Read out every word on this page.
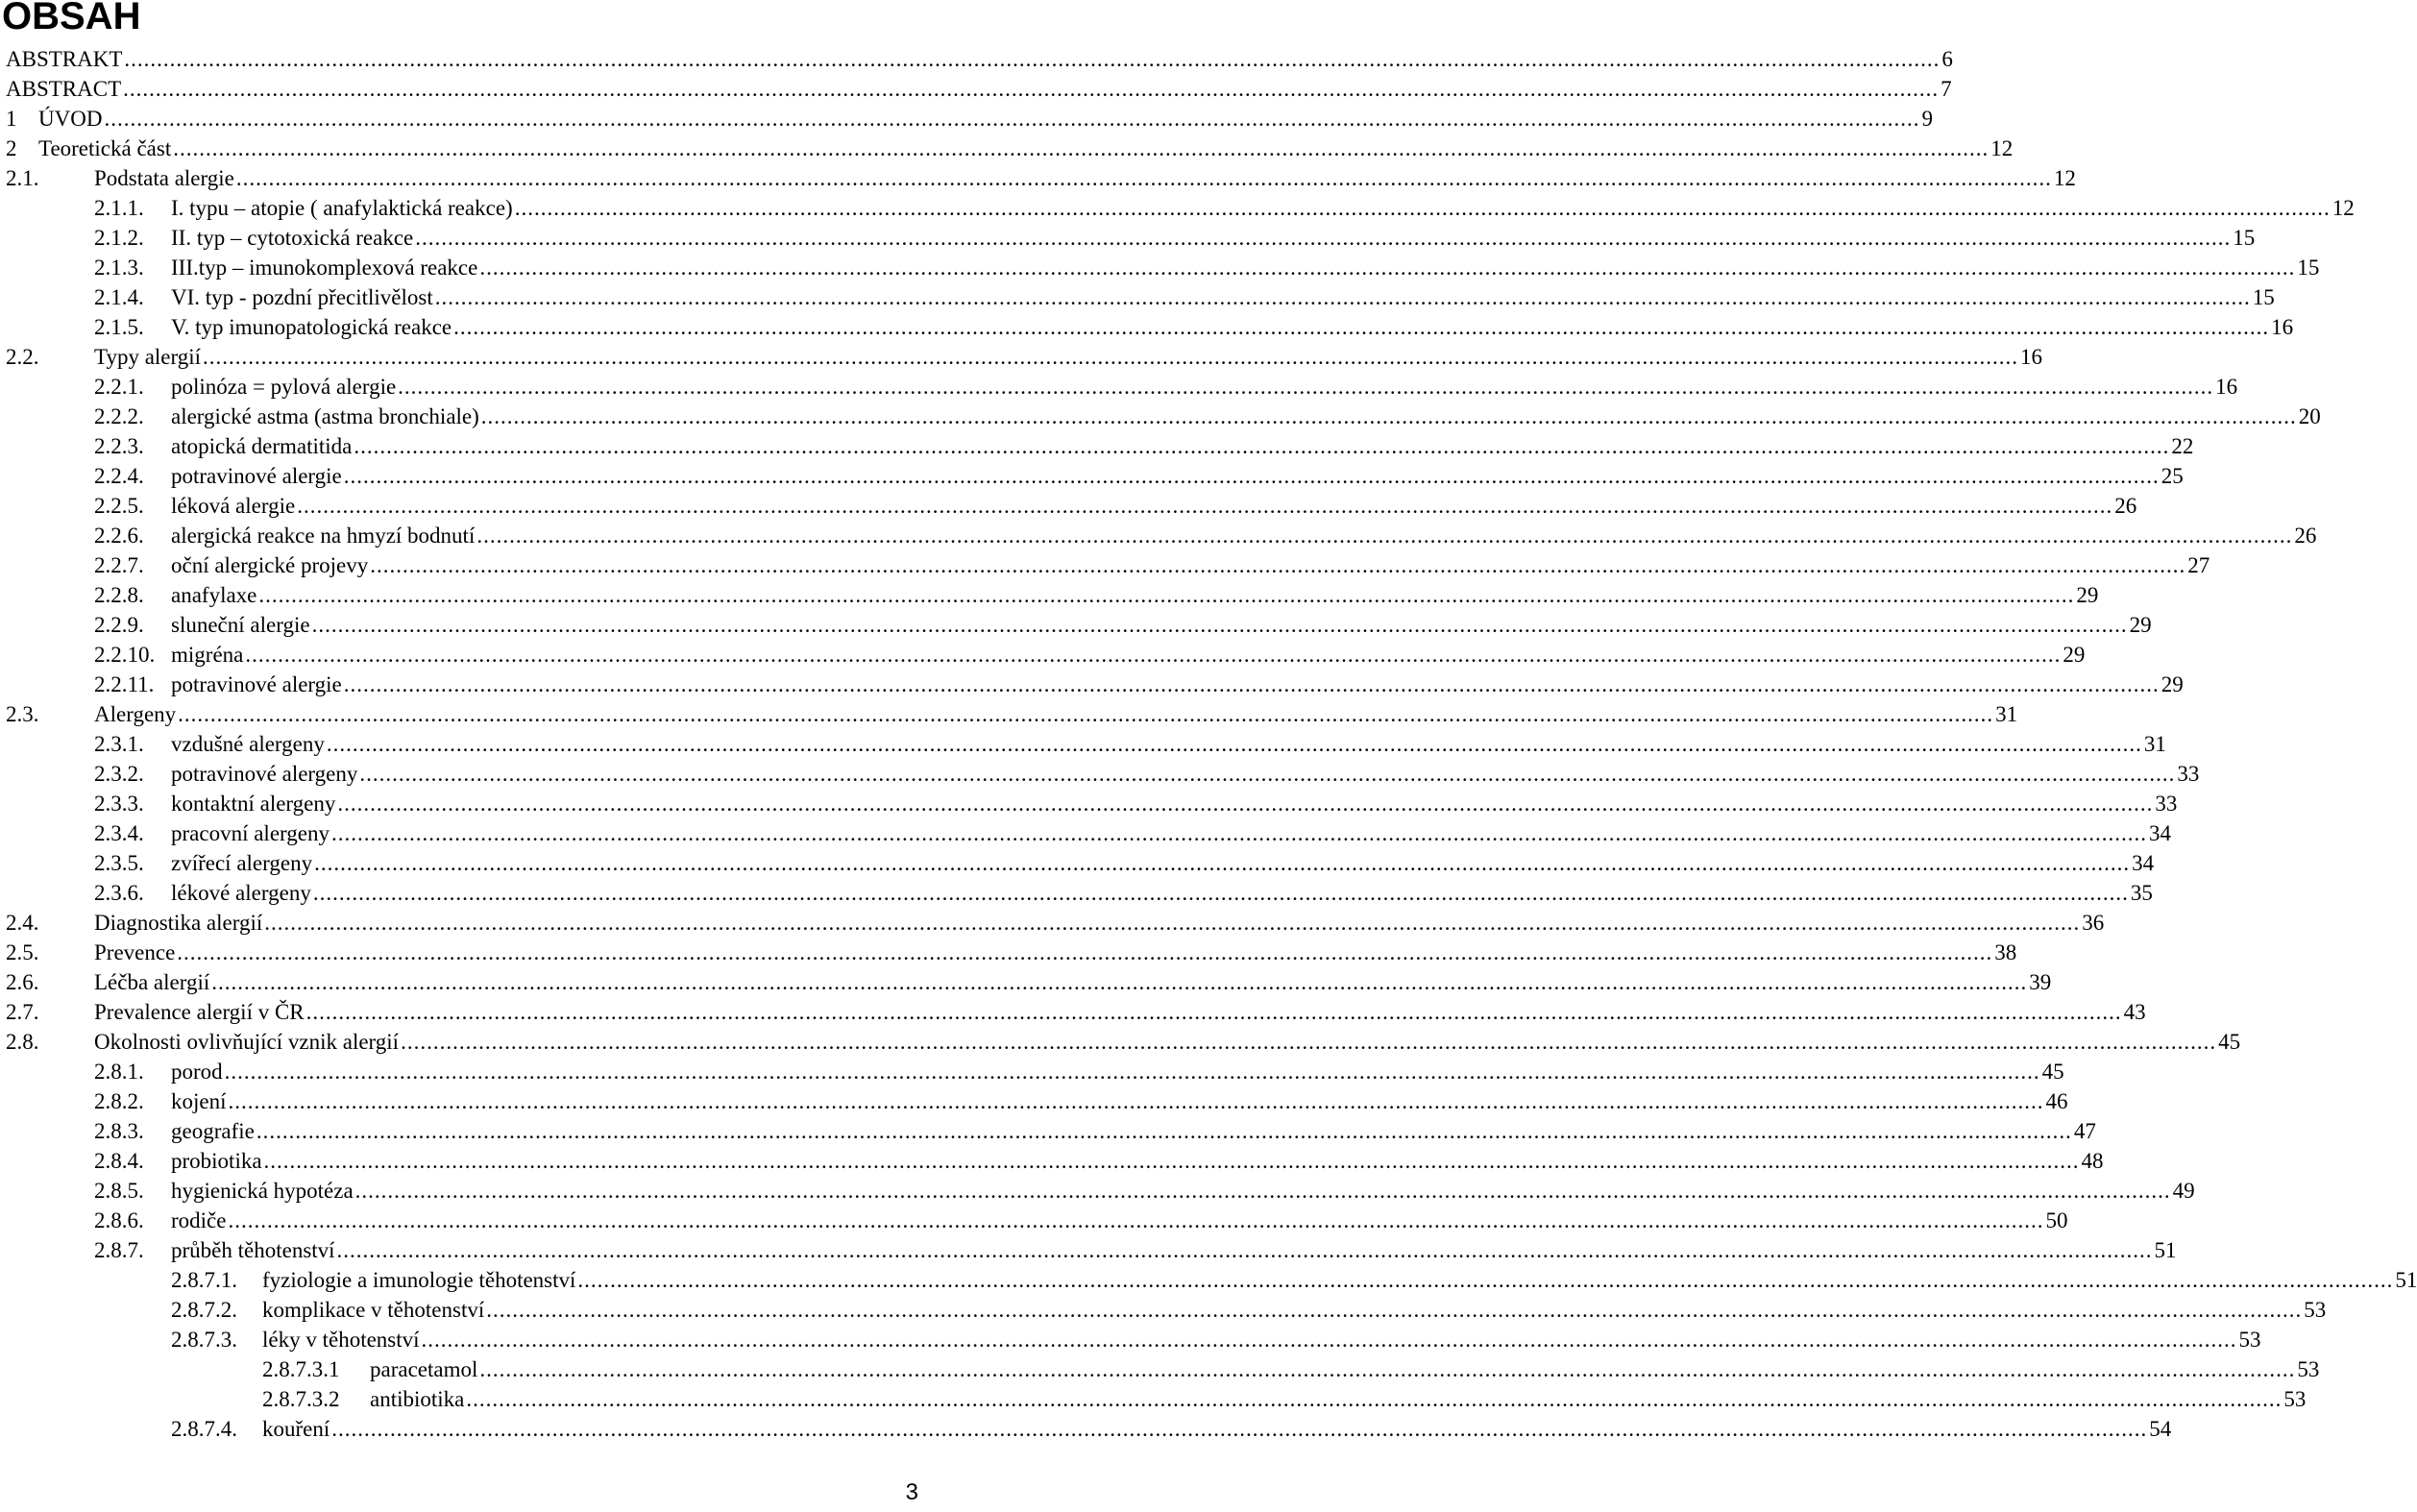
OBSAH
ABSTRAKT .....	6
ABSTRACT .....	7
1 ÚVOD .....	9
2 Teoretická část .....	12
2.1.	Podstata alergie .....	12
2.1.1.	I. typu – atopie ( anafylaktická reakce) .....	12
2.1.2.	II. typ – cytotoxická reakce .....	15
2.1.3.	III.typ – imunokomplexová reakce .....	15
2.1.4.	VI. typ - pozdní přecitlivělost .....	15
2.1.5.	V. typ imunopatologická reakce .....	16
2.2.	Typy alergií .....	16
2.2.1.	polinóza = pylová alergie .....	16
2.2.2.	alergické astma (astma bronchiale) .....	20
2.2.3.	atopická dermatitida .....	22
2.2.4.	potravinové alergie .....	25
2.2.5.	léková alergie .....	26
2.2.6.	alergická reakce na hmyzí bodnutí .....	26
2.2.7.	oční alergické projevy .....	27
2.2.8.	anafylaxe .....	29
2.2.9.	sluneční alergie .....	29
2.2.10. migréna .....	29
2.2.11. potravinové alergie .....	29
2.3.	Alergeny .....	31
2.3.1.	vzdušné alergeny .....	31
2.3.2.	potravinové alergeny .....	33
2.3.3.	kontaktní alergeny .....	33
2.3.4.	pracovní alergeny .....	34
2.3.5.	zvířecí alergeny .....	34
2.3.6.	lékové alergeny .....	35
2.4.	Diagnostika alergií .....	36
2.5.	Prevence .....	38
2.6.	Léčba alergií .....	39
2.7.	Prevalence alergií v ČR .....	43
2.8.	Okolnosti ovlivňující vznik alergií .....	45
2.8.1.	porod .....	45
2.8.2.	kojení .....	46
2.8.3.	geografie .....	47
2.8.4.	probiotika .....	48
2.8.5.	hygienická hypotéza .....	49
2.8.6.	rodiče .....	50
2.8.7.	průběh těhotenství .....	51
2.8.7.1.	fyziologie a imunologie těhotenství .....	51
2.8.7.2.	komplikace v těhotenství .....	53
2.8.7.3.	léky v těhotenství .....	53
2.8.7.3.1	paracetamol .....	53
2.8.7.3.2	antibiotika .....	53
2.8.7.4.	kouření .....	54

3
